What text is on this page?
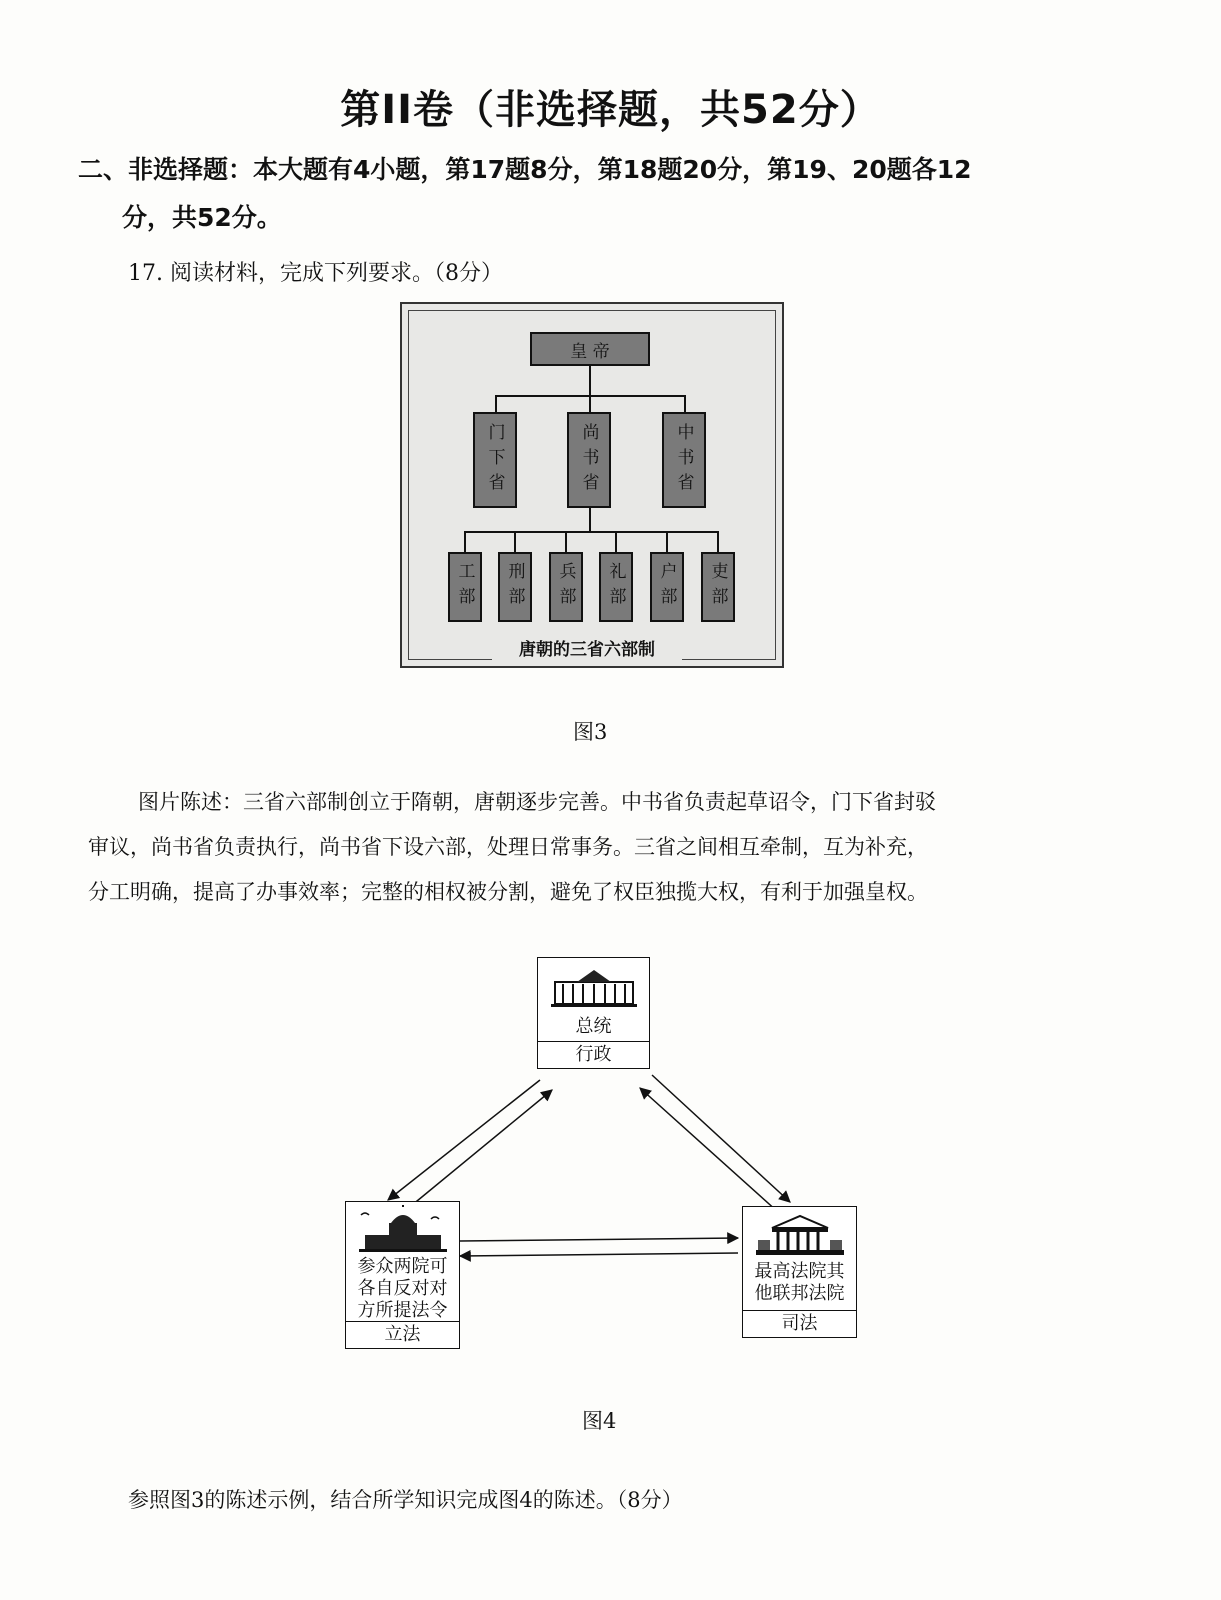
第II卷（非选择题，共52分）
二、非选择题：本大题有4小题，第17题8分，第18题20分，第19、20题各12
分，共52分。
17. 阅读材料，完成下列要求。（8分）
皇 帝
门下省	尚书省	中书省
工部	刑部	兵部	礼部	户部	吏部
唐朝的三省六部制
图3

图片陈述：三省六部制创立于隋朝，唐朝逐步完善。中书省负责起草诏令，门下省封驳

审议，尚书省负责执行，尚书省下设六部，处理日常事务。三省之间相互牵制，互为补充，

分工明确，提高了办事效率；完整的相权被分割，避免了权臣独揽大权，有利于加强皇权。

总统
行政
参众两院可各自反对对方所提法令
立法
最高法院其他联邦法院
司法
图4
参照图3的陈述示例，结合所学知识完成图4的陈述。（8分）
